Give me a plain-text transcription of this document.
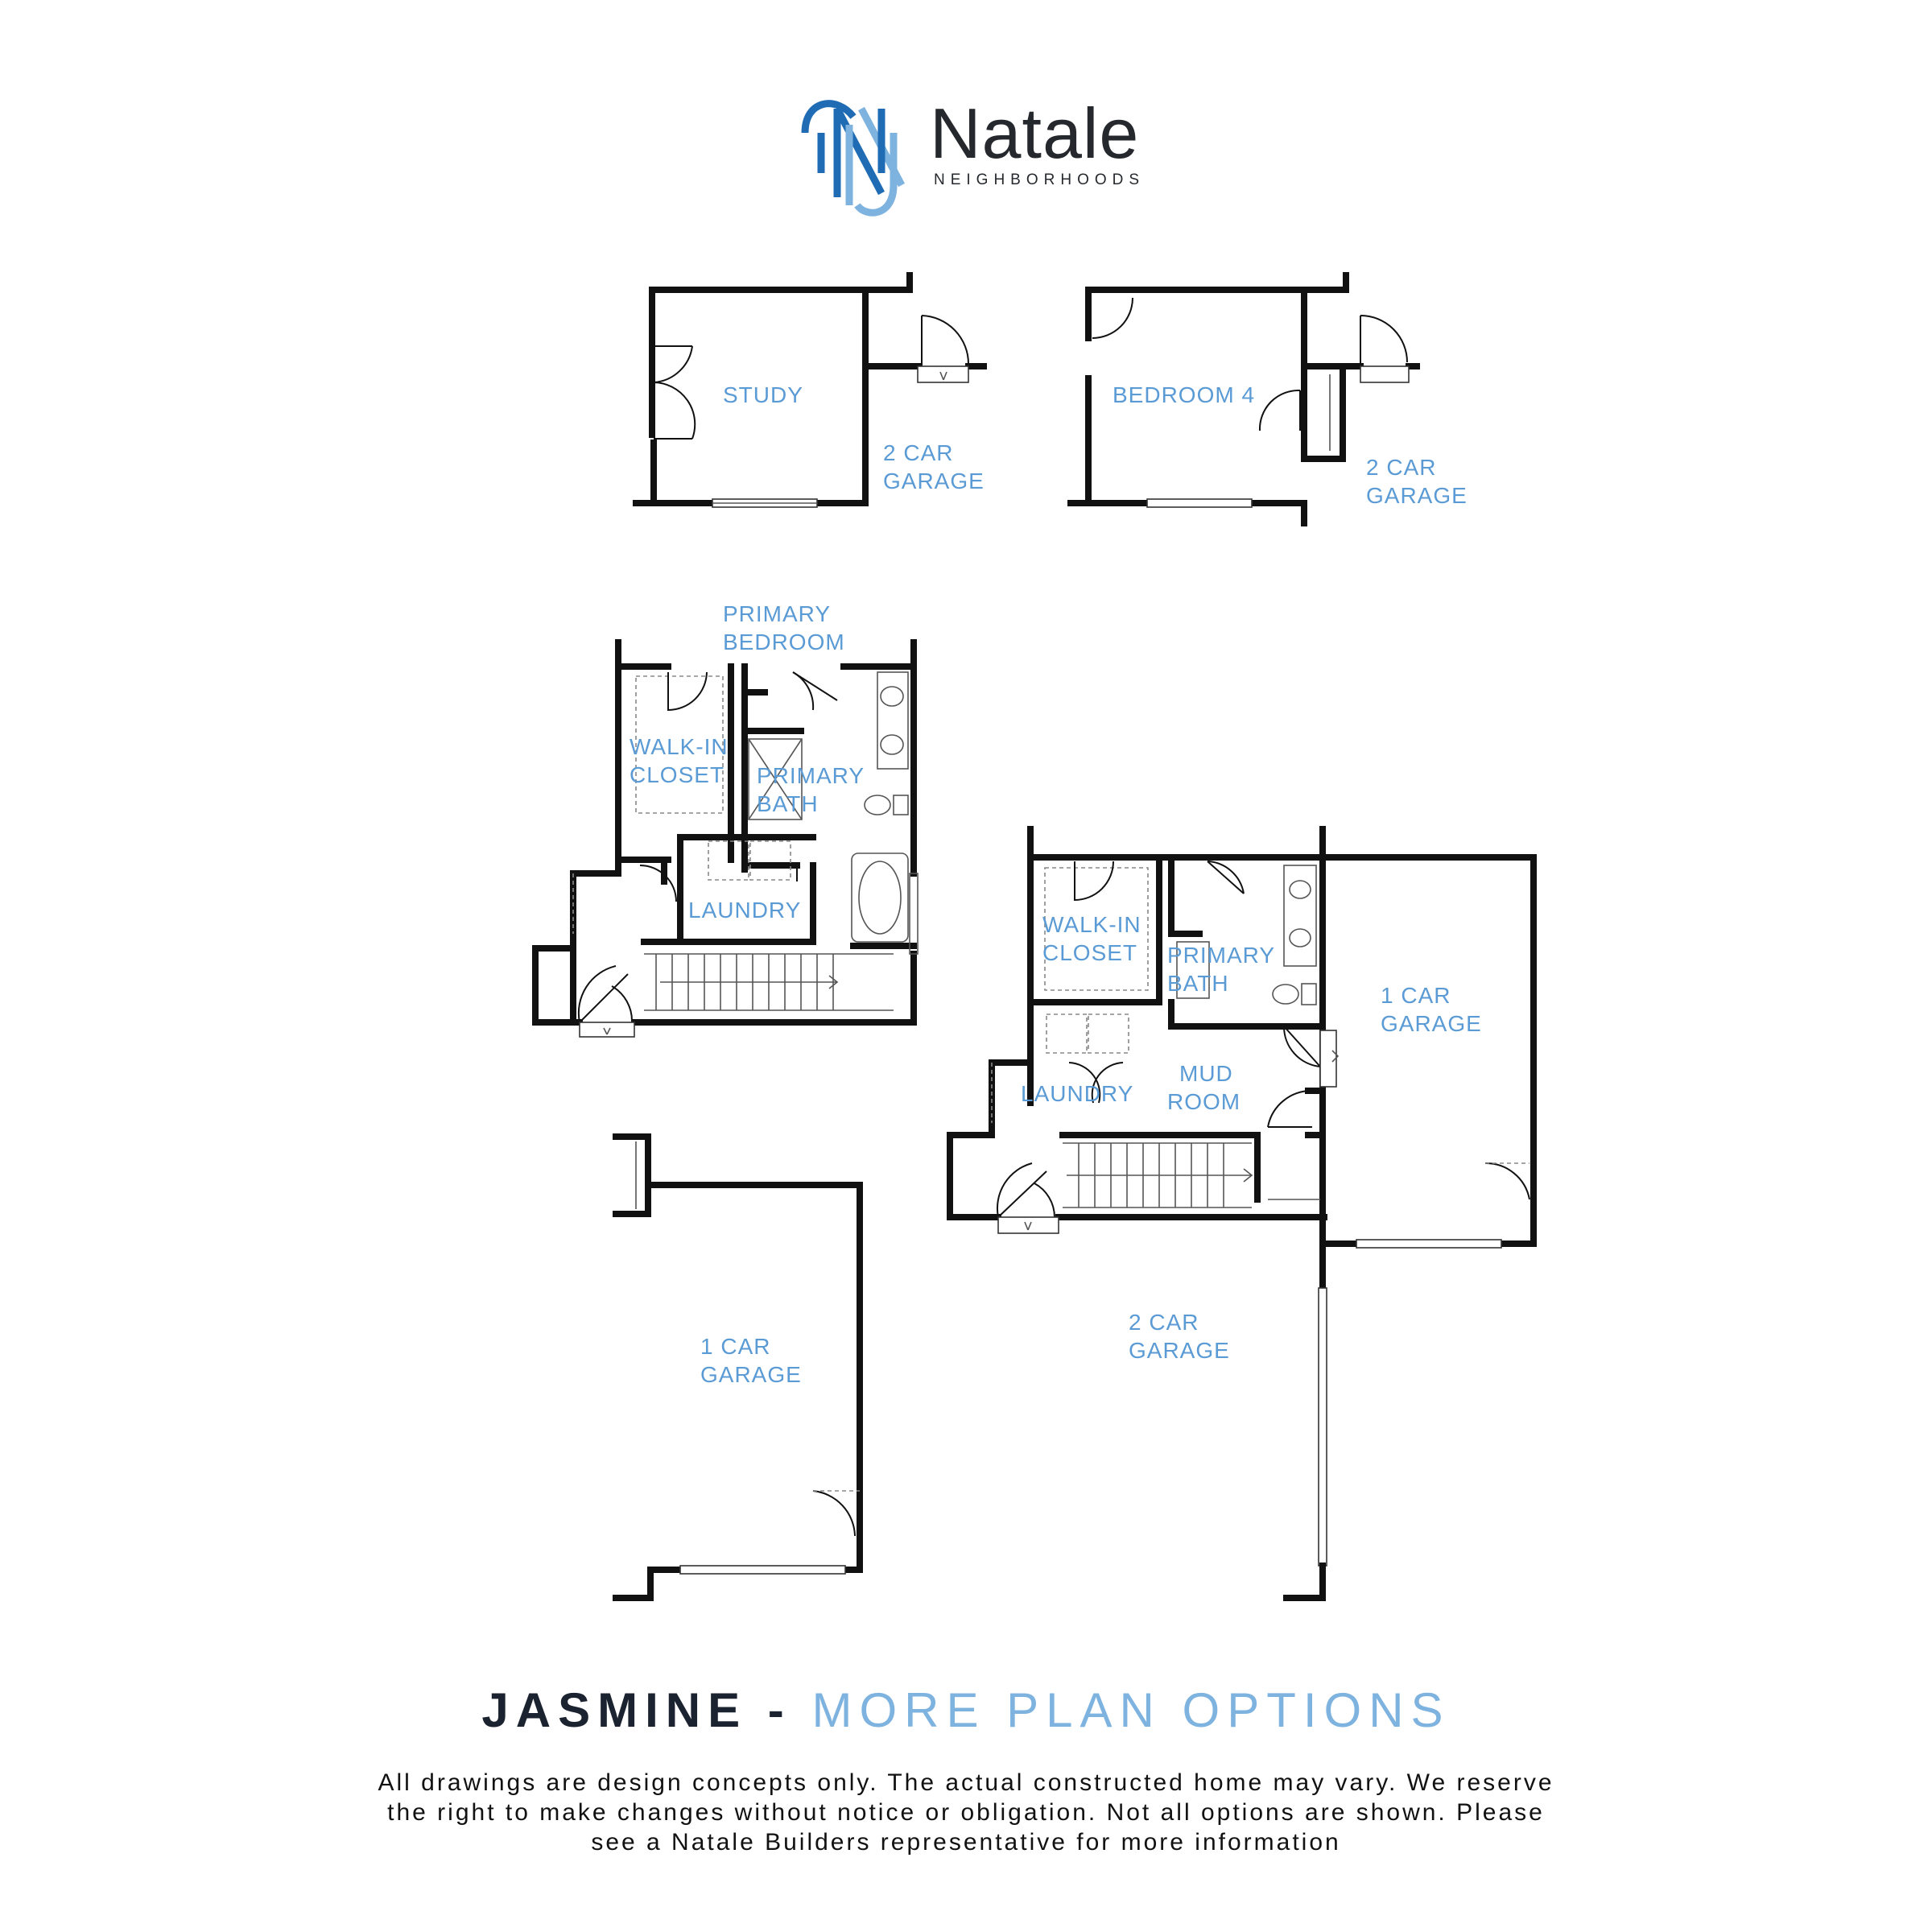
Natale
NEIGHBORHOODS
STUDY
2 CAR
GARAGE
BEDROOM 4
2 CAR
GARAGE
PRIMARY
BEDROOM
WALK-IN
CLOSET PRIMARY
BATH
LAUNDRY
WALK-IN
CLOSET PRIMARY
BATH	1 CAR
GARAGE
LAUNDRY
MUD
ROOM
2 CAR
GARAGE
1 CAR
GARAGE
JASMINE - MORE PLAN OPTIONS
All drawings are design concepts only. The actual constructed home may vary. We reserve
the right to make changes without notice or obligation. Not all options are shown. Please
see a Natale Builders representative for more information
